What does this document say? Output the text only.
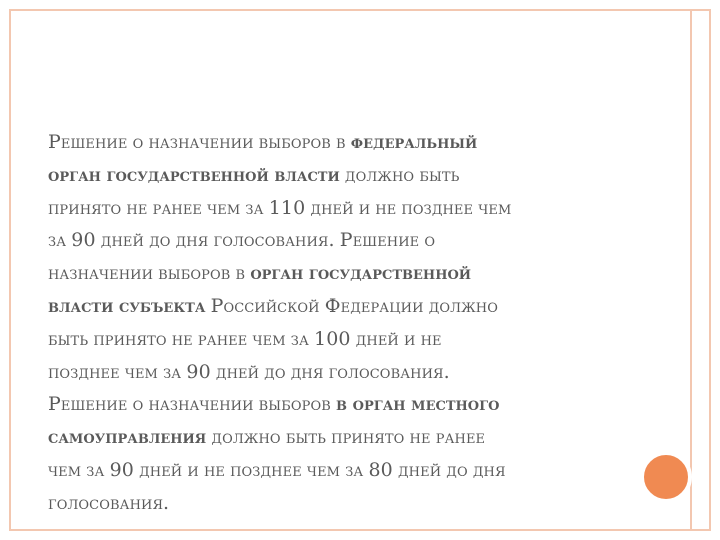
Решение о назначении выборов в федеральный
орган государственной власти должно быть
принято не ранее чем за 110 дней и не позднее чем
за 90 дней до дня голосования. Решение о
назначении выборов в орган государственной
власти субъекта Российской Федерации должно
быть принято не ранее чем за 100 дней и не
позднее чем за 90 дней до дня голосования.
Решение о назначении выборов в орган местного
самоуправления должно быть принято не ранее
чем за 90 дней и не позднее чем за 80 дней до дня
голосования.
